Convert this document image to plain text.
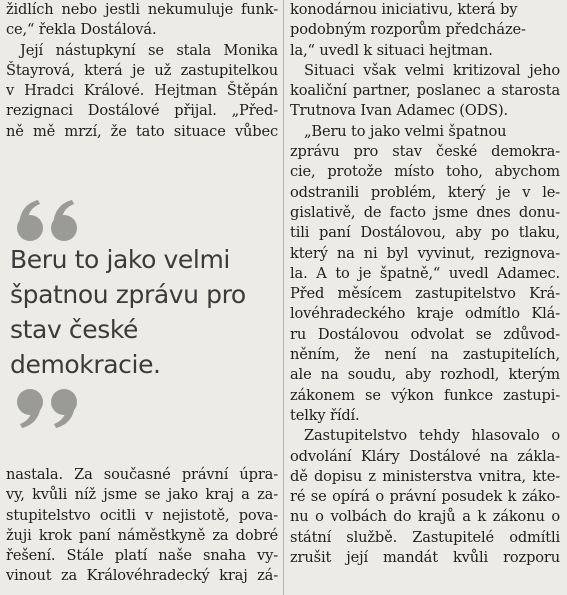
židlích nebo jestli nekumuluje funk-
ce,“ řekla Dostálová.
Její nástupkyní se stala Monika
Štayrová, která je už zastupitelkou
v Hradci Králové. Hejtman Štěpán
rezignaci Dostálové přijal. „Před-
ně mě mrzí, že tato situace vůbec
Beru to jako velmi
špatnou zprávu pro
stav české
demokracie.
nastala. Za současné právní úpra-
vy, kvůli níž jsme se jako kraj a za-
stupitelstvo ocitli v nejistotě, pova-
žuji krok paní náměstkyně za dobré
řešení. Stále platí naše snaha vy-
vinout za Královéhradecký kraj zá-
konodárnou iniciativu, která by
podobným rozporům předcháze-
la,“ uvedl k situaci hejtman.
Situaci však velmi kritizoval jeho
koaliční partner, poslanec a starosta
Trutnova Ivan Adamec (ODS).
„Beru to jako velmi špatnou
zprávu pro stav české demokra-
cie, protože místo toho, abychom
odstranili problém, který je v le-
gislativě, de facto jsme dnes donu-
tili paní Dostálovou, aby po tlaku,
který na ni byl vyvinut, rezignova-
la. A to je špatně,“ uvedl Adamec.
Před měsícem zastupitelstvo Krá-
lovéhradeckého kraje odmítlo Klá-
ru Dostálovou odvolat se zdůvod-
něním, že není na zastupitelích,
ale na soudu, aby rozhodl, kterým
zákonem se výkon funkce zastupi-
telky řídí.
Zastupitelstvo tehdy hlasovalo o
odvolání Kláry Dostálové na zákla-
dě dopisu z ministerstva vnitra, kte-
ré se opírá o právní posudek k záko-
nu o volbách do krajů a k zákonu o
státní službě. Zastupitelé odmítli
zrušit její mandát kvůli rozporu
